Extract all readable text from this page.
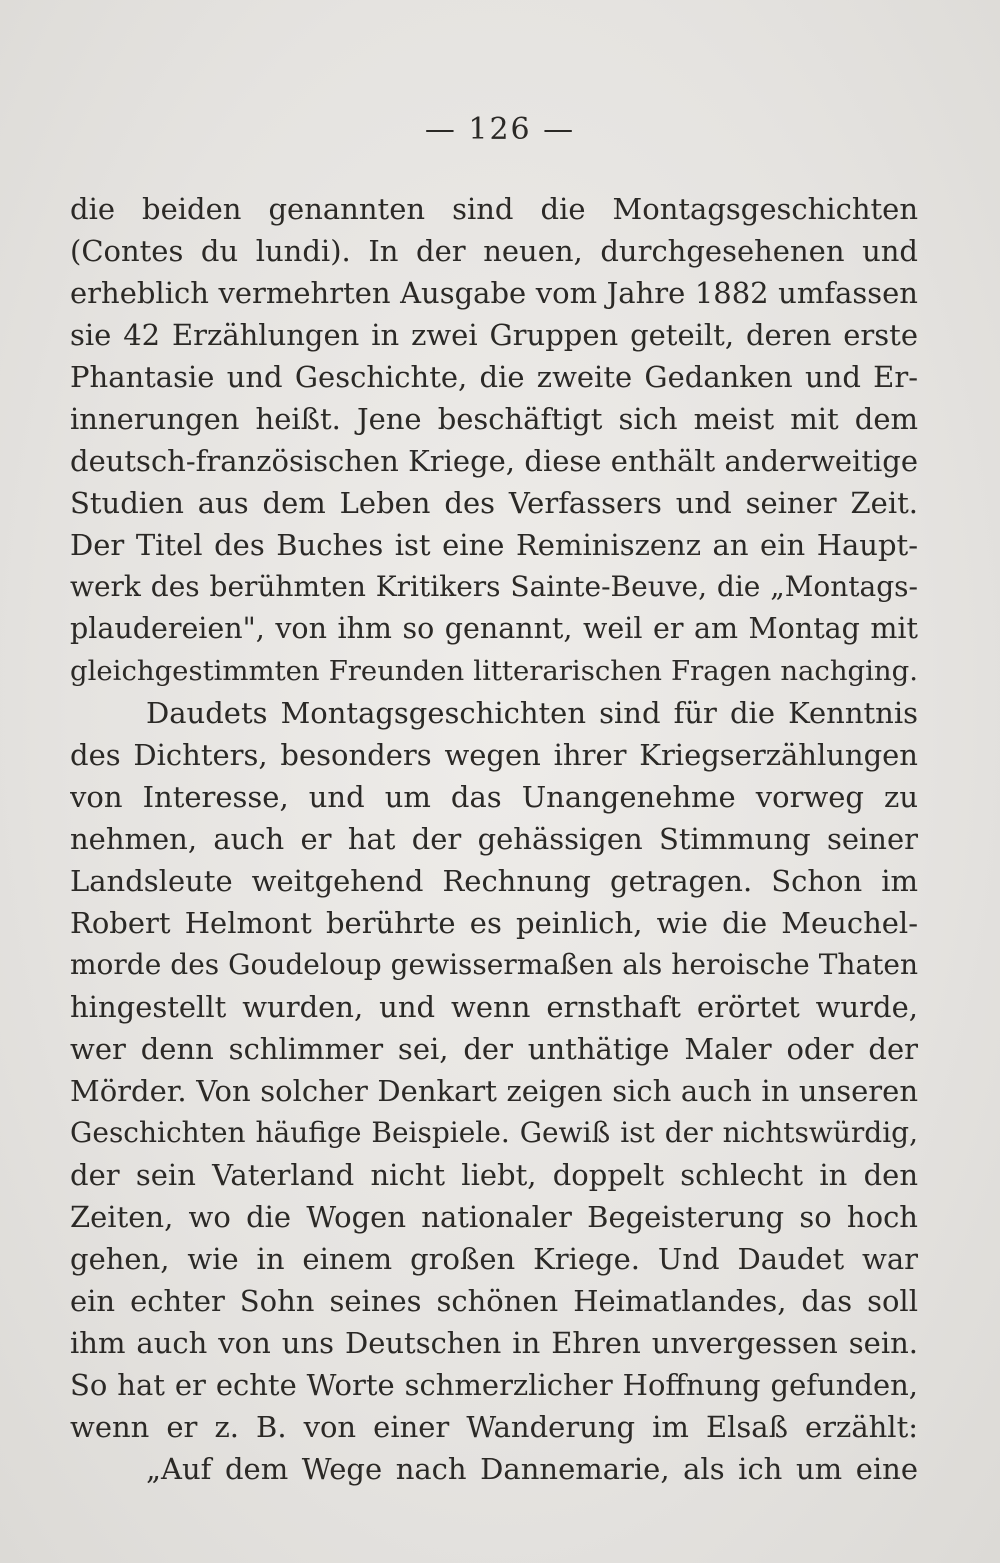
— 126 —
die beiden genannten sind die Montagsgeschichten
(Contes du lundi). In der neuen, durchgesehenen und
erheblich vermehrten Ausgabe vom Jahre 1882 umfassen
sie 42 Erzählungen in zwei Gruppen geteilt, deren erste
Phantasie und Geschichte, die zweite Gedanken und Er-
innerungen heißt. Jene beschäftigt sich meist mit dem
deutsch-französischen Kriege, diese enthält anderweitige
Studien aus dem Leben des Verfassers und seiner Zeit.
Der Titel des Buches ist eine Reminiszenz an ein Haupt-
werk des berühmten Kritikers Sainte-Beuve, die „Montags-
plaudereien", von ihm so genannt, weil er am Montag mit
gleichgestimmten Freunden litterarischen Fragen nachging.
Daudets Montagsgeschichten sind für die Kenntnis
des Dichters, besonders wegen ihrer Kriegserzählungen
von Interesse, und um das Unangenehme vorweg zu
nehmen, auch er hat der gehässigen Stimmung seiner
Landsleute weitgehend Rechnung getragen. Schon im
Robert Helmont berührte es peinlich, wie die Meuchel-
morde des Goudeloup gewissermaßen als heroische Thaten
hingestellt wurden, und wenn ernsthaft erörtet wurde,
wer denn schlimmer sei, der unthätige Maler oder der
Mörder. Von solcher Denkart zeigen sich auch in unseren
Geschichten häufige Beispiele. Gewiß ist der nichtswürdig,
der sein Vaterland nicht liebt, doppelt schlecht in den
Zeiten, wo die Wogen nationaler Begeisterung so hoch
gehen, wie in einem großen Kriege. Und Daudet war
ein echter Sohn seines schönen Heimatlandes, das soll
ihm auch von uns Deutschen in Ehren unvergessen sein.
So hat er echte Worte schmerzlicher Hoffnung gefunden,
wenn er z. B. von einer Wanderung im Elsaß erzählt:
„Auf dem Wege nach Dannemarie, als ich um eine
